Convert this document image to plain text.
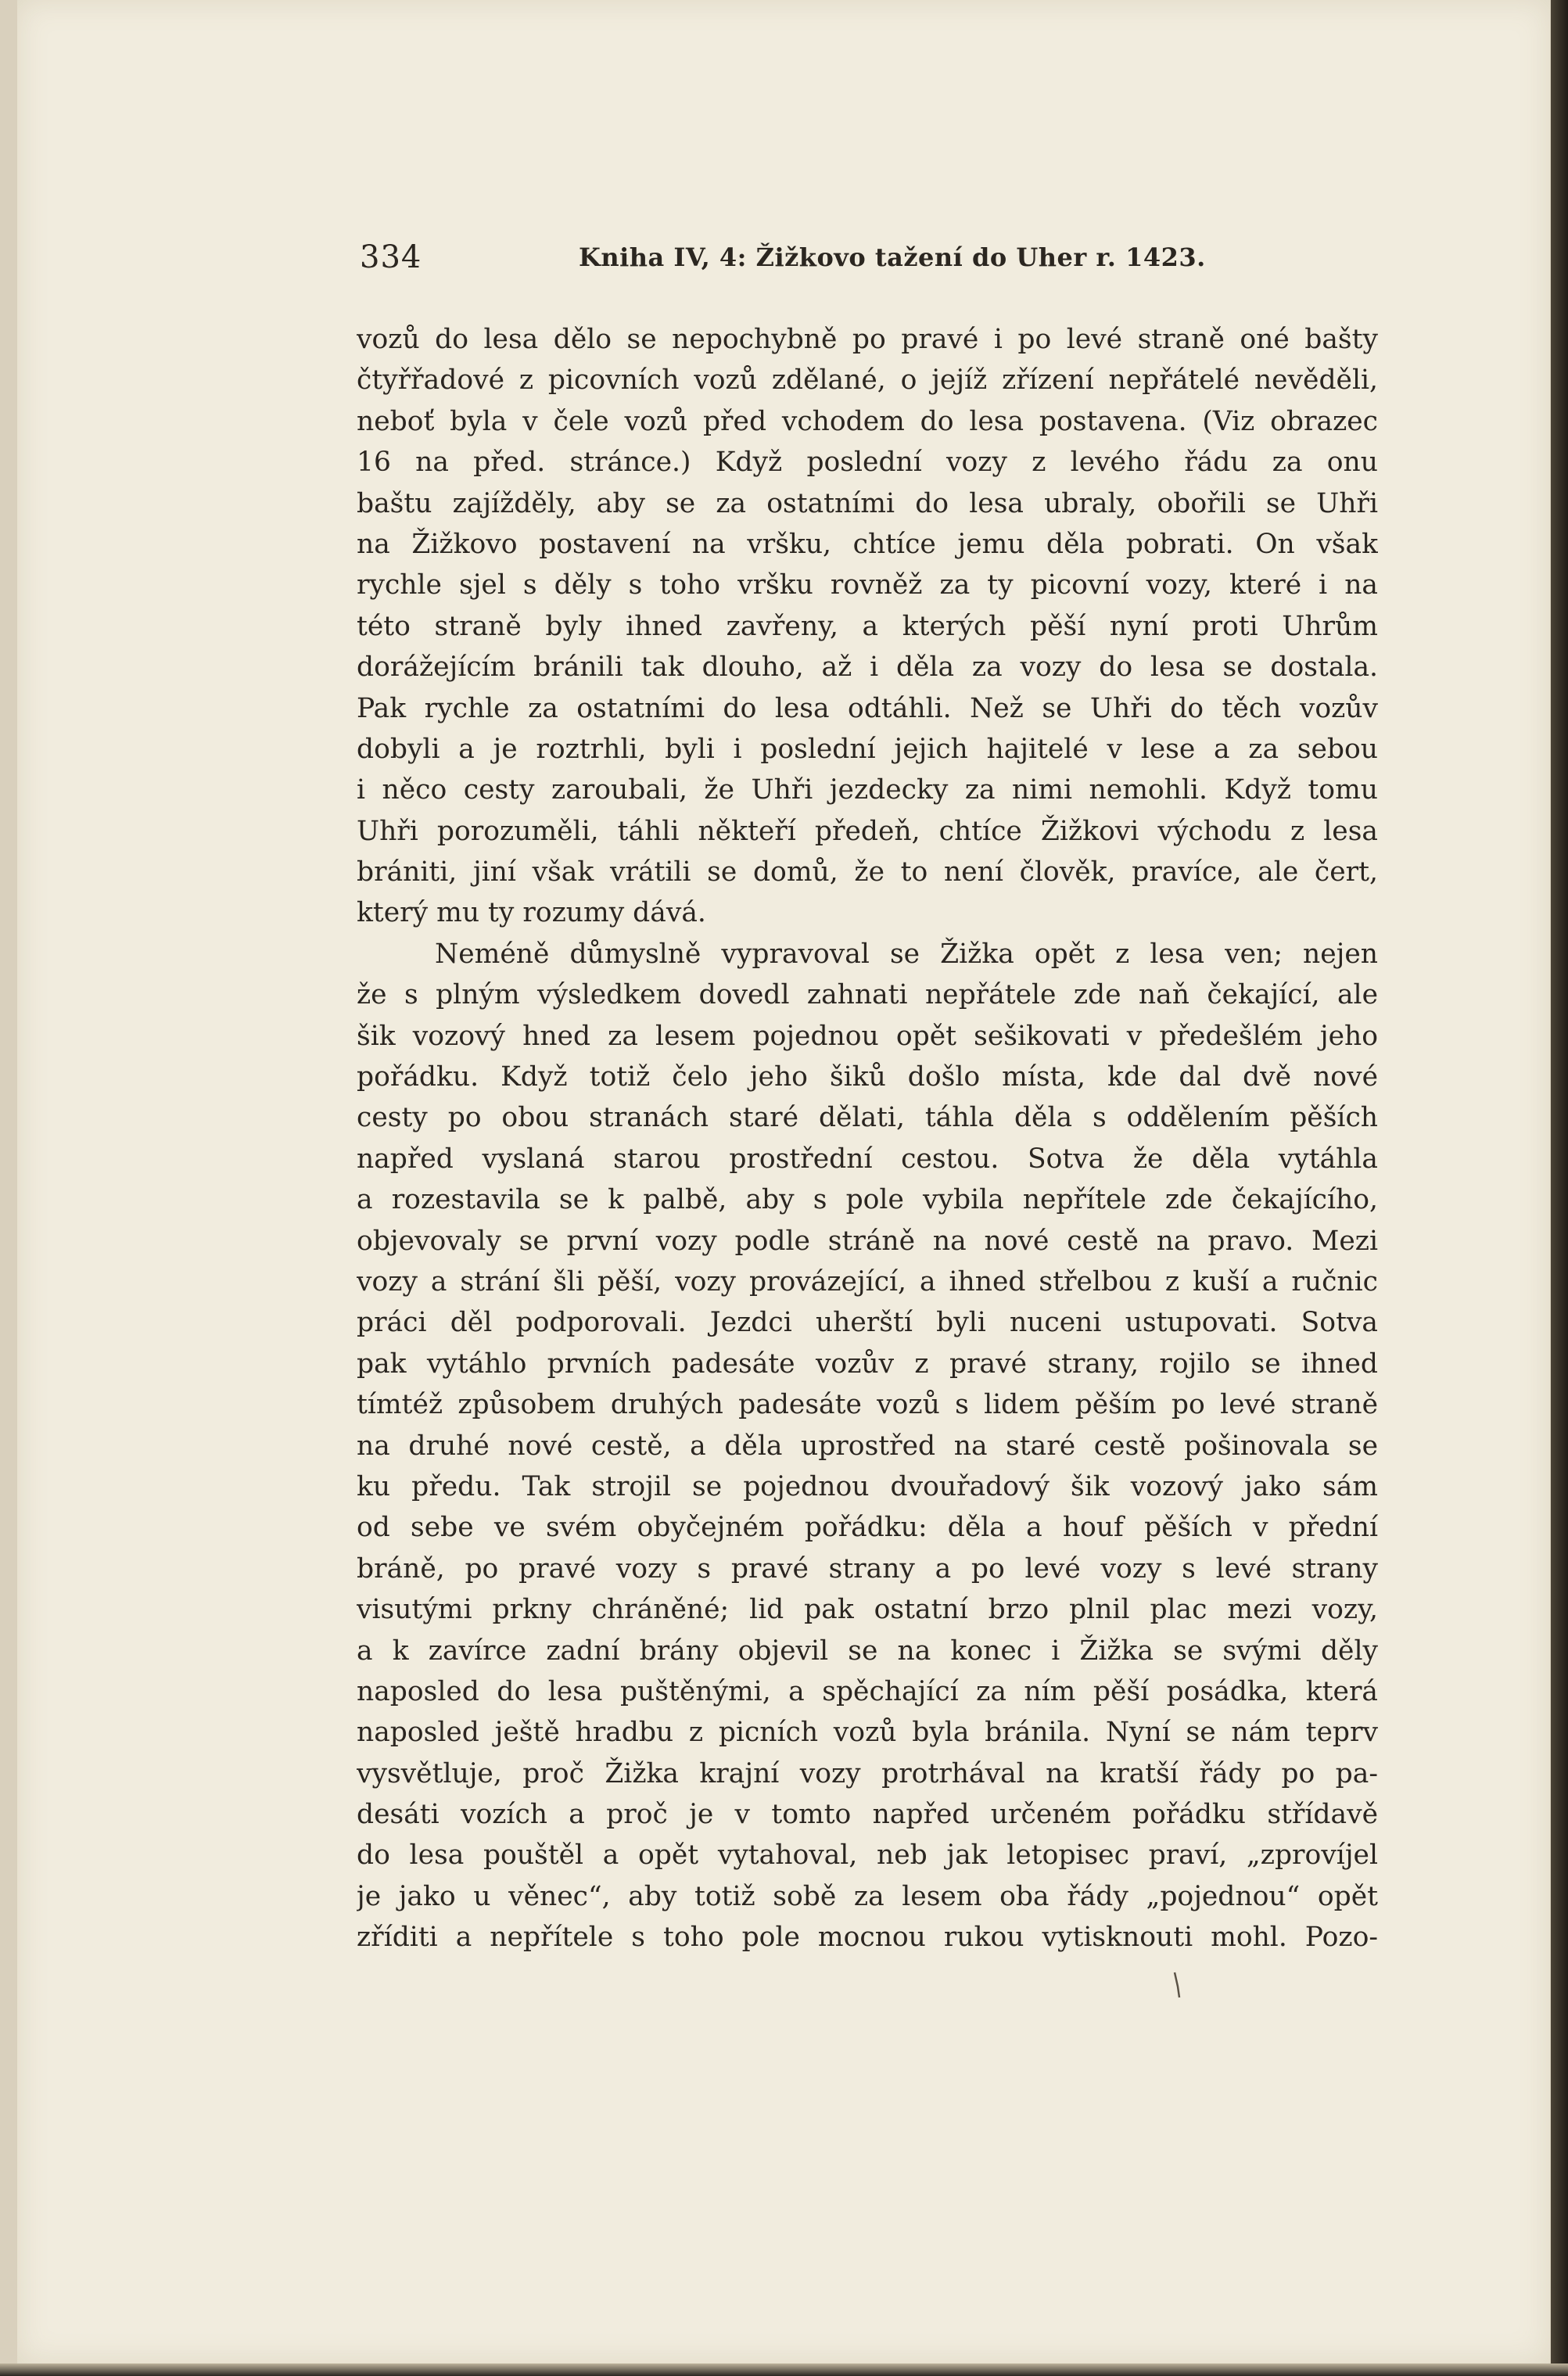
334	Kniha IV, 4: Žižkovo tažení do Uher r. 1423.
vozů do lesa dělo se nepochybně po pravé i po levé straně oné bašty
čtyřřadové z picovních vozů zdělané, o jejíž zřízení nepřátelé nevěděli,
neboť byla v čele vozů před vchodem do lesa postavena. (Viz obrazec
16 na před. stránce.) Když poslední vozy z levého řádu za onu
baštu zajížděly, aby se za ostatními do lesa ubraly, obořili se Uhři
na Žižkovo postavení na vršku, chtíce jemu děla pobrati. On však
rychle sjel s děly s toho vršku rovněž za ty picovní vozy, které i na
této straně byly ihned zavřeny, a kterých pěší nyní proti Uhrům
dorážejícím bránili tak dlouho, až i děla za vozy do lesa se dostala.
Pak rychle za ostatními do lesa odtáhli. Než se Uhři do těch vozův
dobyli a je roztrhli, byli i poslední jejich hajitelé v lese a za sebou
i něco cesty zaroubali, že Uhři jezdecky za nimi nemohli. Když tomu
Uhři porozuměli, táhli někteří předeň, chtíce Žižkovi východu z lesa
brániti, jiní však vrátili se domů, že to není člověk, pravíce, ale čert,
který mu ty rozumy dává.
Neméně důmyslně vypravoval se Žižka opět z lesa ven; nejen
že s plným výsledkem dovedl zahnati nepřátele zde naň čekající, ale
šik vozový hned za lesem pojednou opět sešikovati v předešlém jeho
pořádku. Když totiž čelo jeho šiků došlo místa, kde dal dvě nové
cesty po obou stranách staré dělati, táhla děla s oddělením pěších
napřed vyslaná starou prostřední cestou. Sotva že děla vytáhla
a rozestavila se k palbě, aby s pole vybila nepřítele zde čekajícího,
objevovaly se první vozy podle stráně na nové cestě na pravo. Mezi
vozy a strání šli pěší, vozy provázející, a ihned střelbou z kuší a ručnic
práci děl podporovali. Jezdci uherští byli nuceni ustupovati. Sotva
pak vytáhlo prvních padesáte vozův z pravé strany, rojilo se ihned
tímtéž způsobem druhých padesáte vozů s lidem pěším po levé straně
na druhé nové cestě, a děla uprostřed na staré cestě pošinovala se
ku předu. Tak strojil se pojednou dvouřadový šik vozový jako sám
od sebe ve svém obyčejném pořádku: děla a houf pěších v přední
bráně, po pravé vozy s pravé strany a po levé vozy s levé strany
visutými prkny chráněné; lid pak ostatní brzo plnil plac mezi vozy,
a k zavírce zadní brány objevil se na konec i Žižka se svými děly
naposled do lesa puštěnými, a spěchající za ním pěší posádka, která
naposled ještě hradbu z picních vozů byla bránila. Nyní se nám teprv
vysvětluje, proč Žižka krajní vozy protrhával na kratší řády po pa-
desáti vozích a proč je v tomto napřed určeném pořádku střídavě
do lesa pouštěl a opět vytahoval, neb jak letopisec praví, „zprovíjel
je jako u věnec“, aby totiž sobě za lesem oba řády „pojednou“ opět
zříditi a nepřítele s toho pole mocnou rukou vytisknouti mohl. Pozo-
